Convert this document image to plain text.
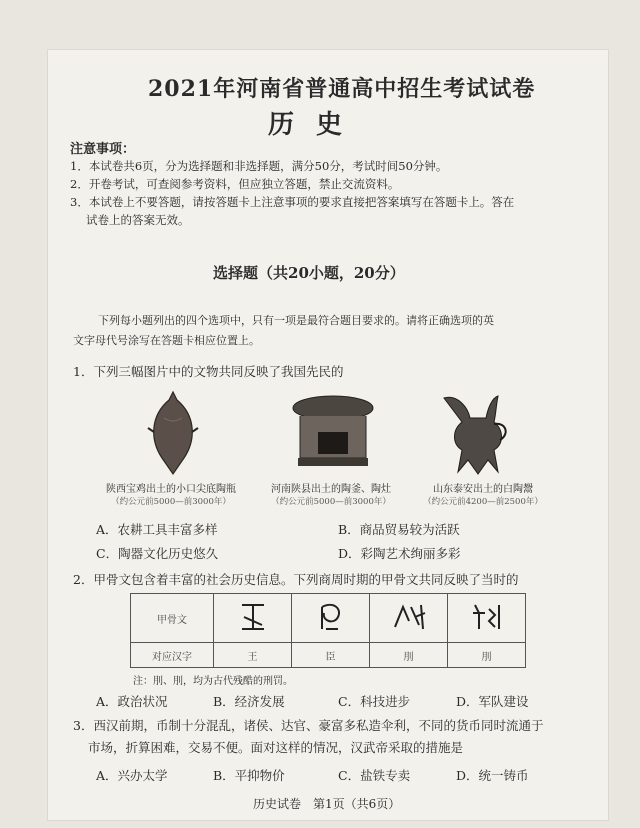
2021年河南省普通高中招生考试试卷
历史
注意事项：
1．本试卷共6页，分为选择题和非选择题，满分50分，考试时间50分钟。
2．开卷考试，可查阅参考资料，但应独立答题，禁止交流资料。
3．本试卷上不要答题，请按答题卡上注意事项的要求直接把答案填写在答题卡上。答在
试卷上的答案无效。
选择题（共20小题，20分）
下列每小题列出的四个选项中，只有一项是最符合题目要求的。请将正确选项的英
文字母代号涂写在答题卡相应位置上。
1．下列三幅图片中的文物共同反映了我国先民的
陕西宝鸡出土的小口尖底陶瓶
（约公元前5000—前3000年）
河南陕县出土的陶釜、陶灶
（约公元前5000—前3000年）
山东泰安出土的白陶鬶
（约公元前4200—前2500年）
A．农耕工具丰富多样	B．商品贸易较为活跃
C．陶器文化历史悠久	D．彩陶艺术绚丽多彩
2．甲骨文包含着丰富的社会历史信息。下列商周时期的甲骨文共同反映了当时的
甲骨文				
对应汉字	王	臣	刖	刖
注：刖、刖，均为古代残酷的刑罚。
A．政治状况	B．经济发展	C．科技进步	D．军队建设
3．西汉前期，币制十分混乱，诸侯、达官、豪富多私造伞利，不同的货币同时流通于
市场，折算困难，交易不便。面对这样的情况，汉武帝采取的措施是
A．兴办太学	B．平抑物价	C．盐铁专卖	D．统一铸币
历史试卷　第1页（共6页）
